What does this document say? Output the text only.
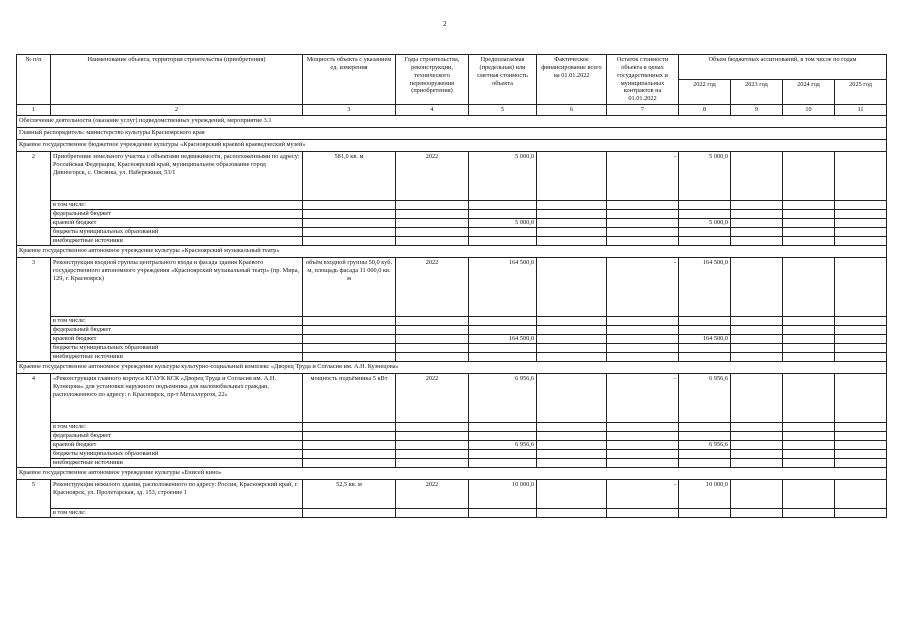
2
№ п/п	Наименование объекта, территория строительства (приобретения)	Мощность объекта с указанием ед. измерения	Годы строительства, реконструкции, технического перевооружения (приобретения)	Предполагаемая (предельная) или сметная стоимость объекта	Фактическое финансирование всего на 01.01.2022	Остаток стоимости объекта в ценах государственных и муниципальных контрактов на 01.01.2022	Объем бюджетных ассигнований, в том числе по годам			
							2022 год	2023 год	2024 год	2025 год
1	2	3	4	5	6	7	8	9	10	11
Обеспечение деятельности (оказание услуг) подведомственных учреждений, мероприятие 3.1										
Главный распорядитель: министерство культуры Красноярского края										
Краевое государственное бюджетное учреждение культуры «Красноярский краевой краеведческий музей»										
2	Приобретение земельного участка с объектами недвижимости, расположенными по адресу: Российская Федерация, Красноярский край, муниципальное образование город Дивногорск, с. Овсянка, ул. Набережная, 53/1	581,0 кв. м	2022	5 000,0		-	5 000,0			
	в том числе:									
	федеральный бюджет									
	краевой бюджет			5 000,0			5 000,0			
	бюджеты муниципальных образований									
	внебюджетные источники									
Краевое государственное автономное учреждение культуры «Красноярский музыкальный театр»										
3	Реконструкция входной группы центрального входа и фасада здания Краевого государственного автономного учреждения «Красноярский музыкальный театр» (пр. Мира, 129, г. Красноярск)	объём входной группы 50,0 куб. м, площадь фасада 11 000,0 кв. м	2022	164 500,0		-	164 500,0			
	в том числе:									
	федеральный бюджет									
	краевой бюджет			164 500,0			164 500,0			
	бюджеты муниципальных образований									
	внебюджетные источники									
Краевое государственное автономное учреждение культуры культурно-социальный комплекс «Дворец Труда и Согласия им. А.Н. Кузнецова»										
4	«Реконструкция главного корпуса КГАУК КСК «Дворец Труда и Согласия им. А.Н. Кузнецова» для установки наружного подъемника для маломобильных граждан, расположенного по адресу: г. Красноярск, пр-т Металлургов, 22»	мощность подъёмника 5 кВт	2022	6 956,6		-	6 956,6			
	в том числе:									
	федеральный бюджет									
	краевой бюджет			6 956,6			6 956,6			
	бюджеты муниципальных образований									
	внебюджетные источники									
Краевое государственное автономное учреждение культуры «Енисей кино»										
5	Реконструкция нежилого здания, расположенного по адресу: Россия, Красноярский край, г. Красноярск, ул. Пролетарская, зд. 153, строение 1	52,5 кв. м	2022	10 000,0		-	10 000,0			
	в том числе:									
